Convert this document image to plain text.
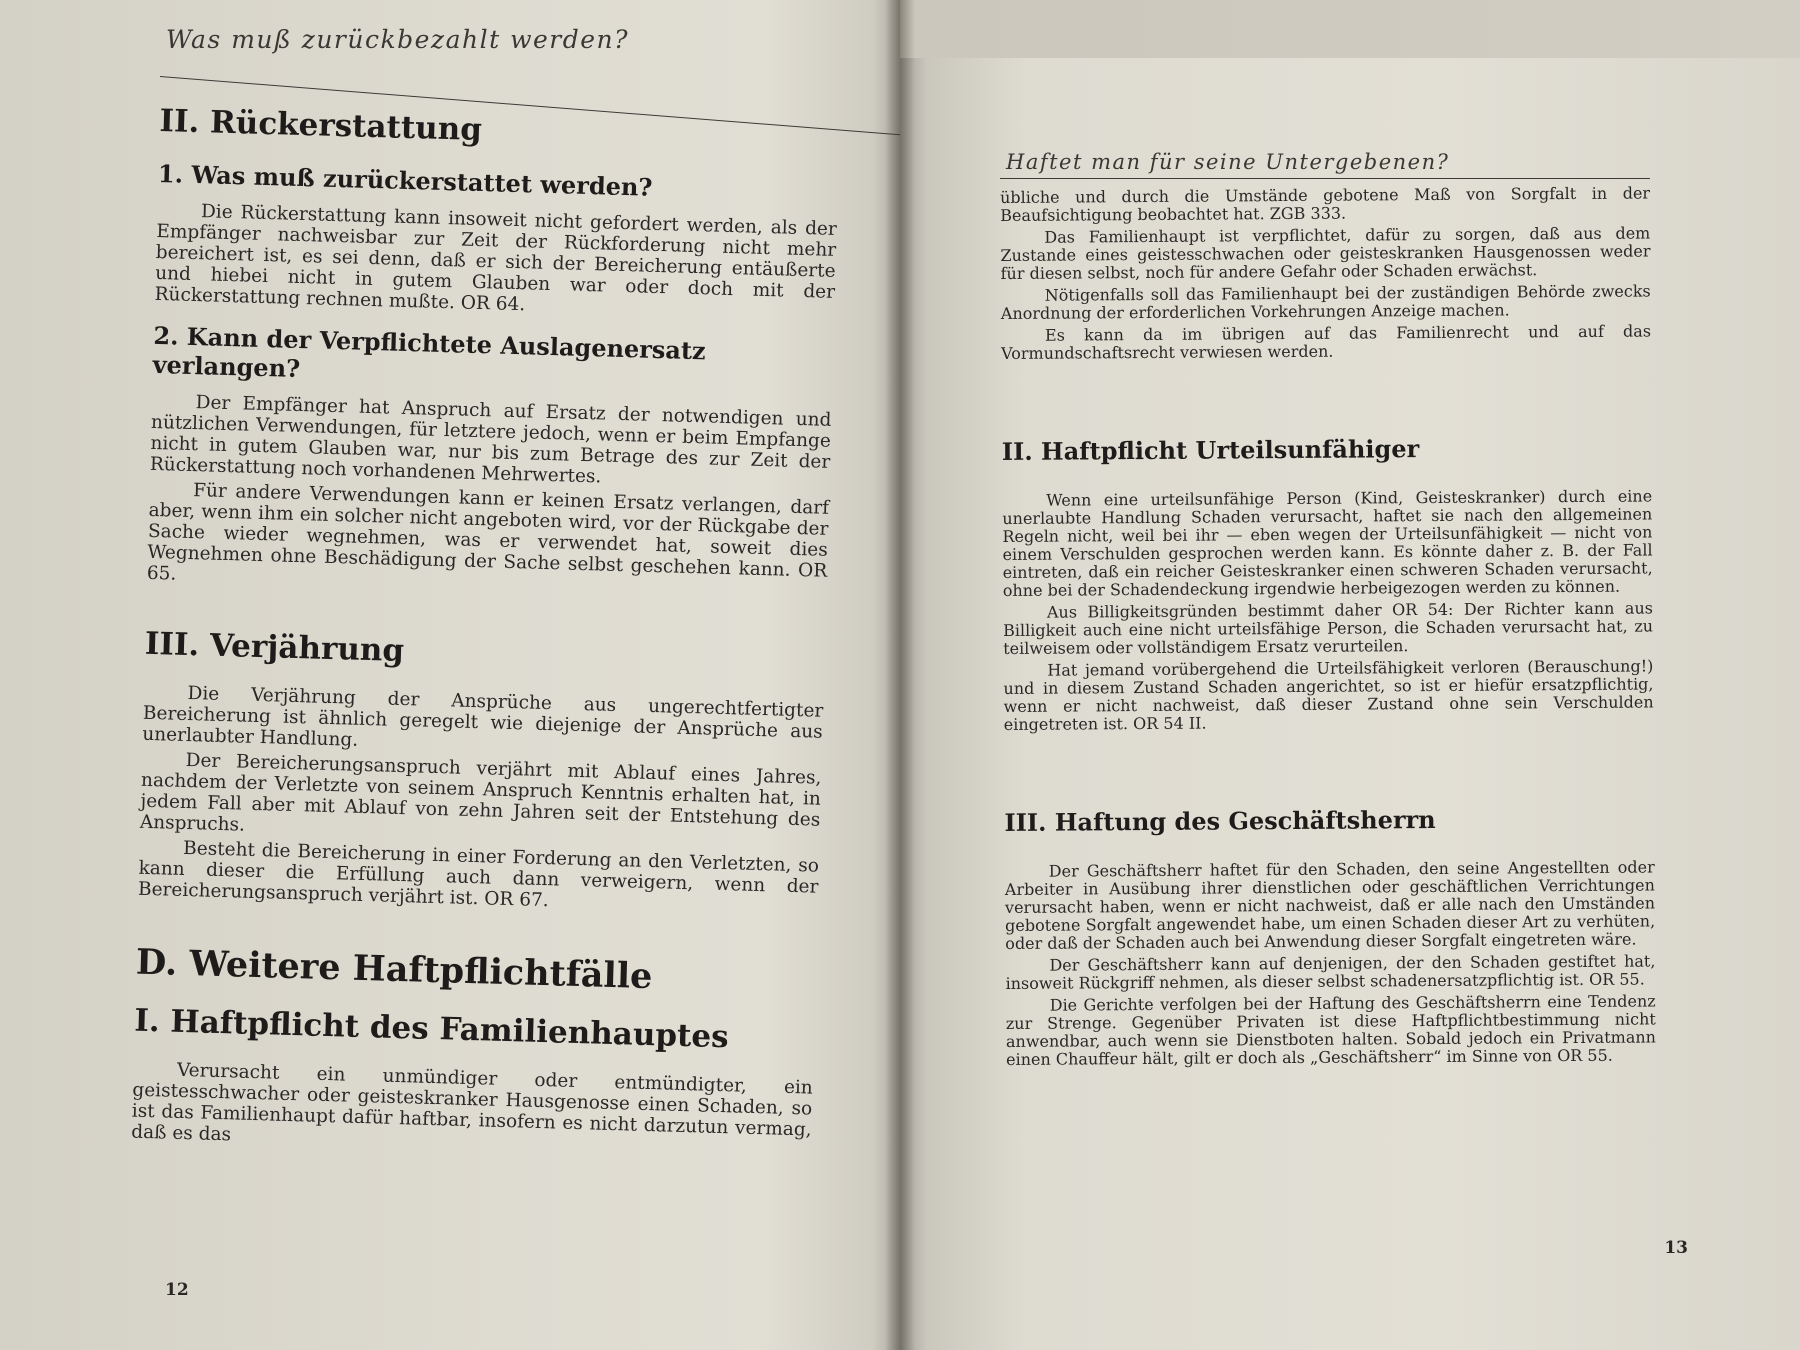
Was muß zurückbezahlt werden?
II. Rückerstattung
1. Was muß zurückerstattet werden?

Die Rückerstattung kann insoweit nicht gefordert werden, als der Empfänger nachweisbar zur Zeit der Rückforderung nicht mehr bereichert ist, es sei denn, daß er sich der Bereicherung entäußerte und hiebei nicht in gutem Glauben war oder doch mit der Rückerstattung rechnen mußte. OR 64.

2. Kann der Verpflichtete Auslagenersatz verlangen?

Der Empfänger hat Anspruch auf Ersatz der notwendigen und nützlichen Verwendungen, für letztere jedoch, wenn er beim Empfange nicht in gutem Glauben war, nur bis zum Betrage des zur Zeit der Rückerstattung noch vorhandenen Mehrwertes.

Für andere Verwendungen kann er keinen Ersatz verlangen, darf aber, wenn ihm ein solcher nicht angeboten wird, vor der Rückgabe der Sache wieder wegnehmen, was er verwendet hat, soweit dies Wegnehmen ohne Beschädigung der Sache selbst geschehen kann. OR 65.

III. Verjährung

Die Verjährung der Ansprüche aus ungerechtfertigter Bereicherung ist ähnlich geregelt wie diejenige der Ansprüche aus unerlaubter Handlung.

Der Bereicherungsanspruch verjährt mit Ablauf eines Jahres, nachdem der Verletzte von seinem Anspruch Kenntnis erhalten hat, in jedem Fall aber mit Ablauf von zehn Jahren seit der Entstehung des Anspruchs.

Besteht die Bereicherung in einer Forderung an den Verletzten, so kann dieser die Erfüllung auch dann verweigern, wenn der Bereicherungsanspruch verjährt ist. OR 67.

D. Weitere Haftpflichtfälle
I. Haftpflicht des Familienhauptes

Verursacht ein unmündiger oder entmündigter, ein geistesschwacher oder geisteskranker Hausgenosse einen Schaden, so ist das Familienhaupt dafür haftbar, insofern es nicht darzutun vermag, daß es das

12
Haftet man für seine Untergebenen?

übliche und durch die Umstände gebotene Maß von Sorgfalt in der Beaufsichtigung beobachtet hat. ZGB 333.

Das Familienhaupt ist verpflichtet, dafür zu sorgen, daß aus dem Zustande eines geistesschwachen oder geisteskranken Hausgenossen weder für diesen selbst, noch für andere Gefahr oder Schaden erwächst.

Nötigenfalls soll das Familienhaupt bei der zuständigen Behörde zwecks Anordnung der erforderlichen Vorkehrungen Anzeige machen.

Es kann da im übrigen auf das Familienrecht und auf das Vormundschaftsrecht verwiesen werden.

II. Haftpflicht Urteilsunfähiger

Wenn eine urteilsunfähige Person (Kind, Geisteskranker) durch eine unerlaubte Handlung Schaden verursacht, haftet sie nach den allgemeinen Regeln nicht, weil bei ihr — eben wegen der Urteilsunfähigkeit — nicht von einem Verschulden gesprochen werden kann. Es könnte daher z. B. der Fall eintreten, daß ein reicher Geisteskranker einen schweren Schaden verursacht, ohne bei der Schadendeckung irgendwie herbeigezogen werden zu können.

Aus Billigkeitsgründen bestimmt daher OR 54: Der Richter kann aus Billigkeit auch eine nicht urteilsfähige Person, die Schaden verursacht hat, zu teilweisem oder vollständigem Ersatz verurteilen.

Hat jemand vorübergehend die Urteilsfähigkeit verloren (Berauschung!) und in diesem Zustand Schaden angerichtet, so ist er hiefür ersatzpflichtig, wenn er nicht nachweist, daß dieser Zustand ohne sein Verschulden eingetreten ist. OR 54 II.

III. Haftung des Geschäftsherrn

Der Geschäftsherr haftet für den Schaden, den seine Angestellten oder Arbeiter in Ausübung ihrer dienstlichen oder geschäftlichen Verrichtungen verursacht haben, wenn er nicht nachweist, daß er alle nach den Umständen gebotene Sorgfalt angewendet habe, um einen Schaden dieser Art zu verhüten, oder daß der Schaden auch bei Anwendung dieser Sorgfalt eingetreten wäre.

Der Geschäftsherr kann auf denjenigen, der den Schaden gestiftet hat, insoweit Rückgriff nehmen, als dieser selbst schadenersatzpflichtig ist. OR 55.

Die Gerichte verfolgen bei der Haftung des Geschäftsherrn eine Tendenz zur Strenge. Gegenüber Privaten ist diese Haftpflichtbestimmung nicht anwendbar, auch wenn sie Dienstboten halten. Sobald jedoch ein Privatmann einen Chauffeur hält, gilt er doch als „Geschäftsherr“ im Sinne von OR 55.

13
